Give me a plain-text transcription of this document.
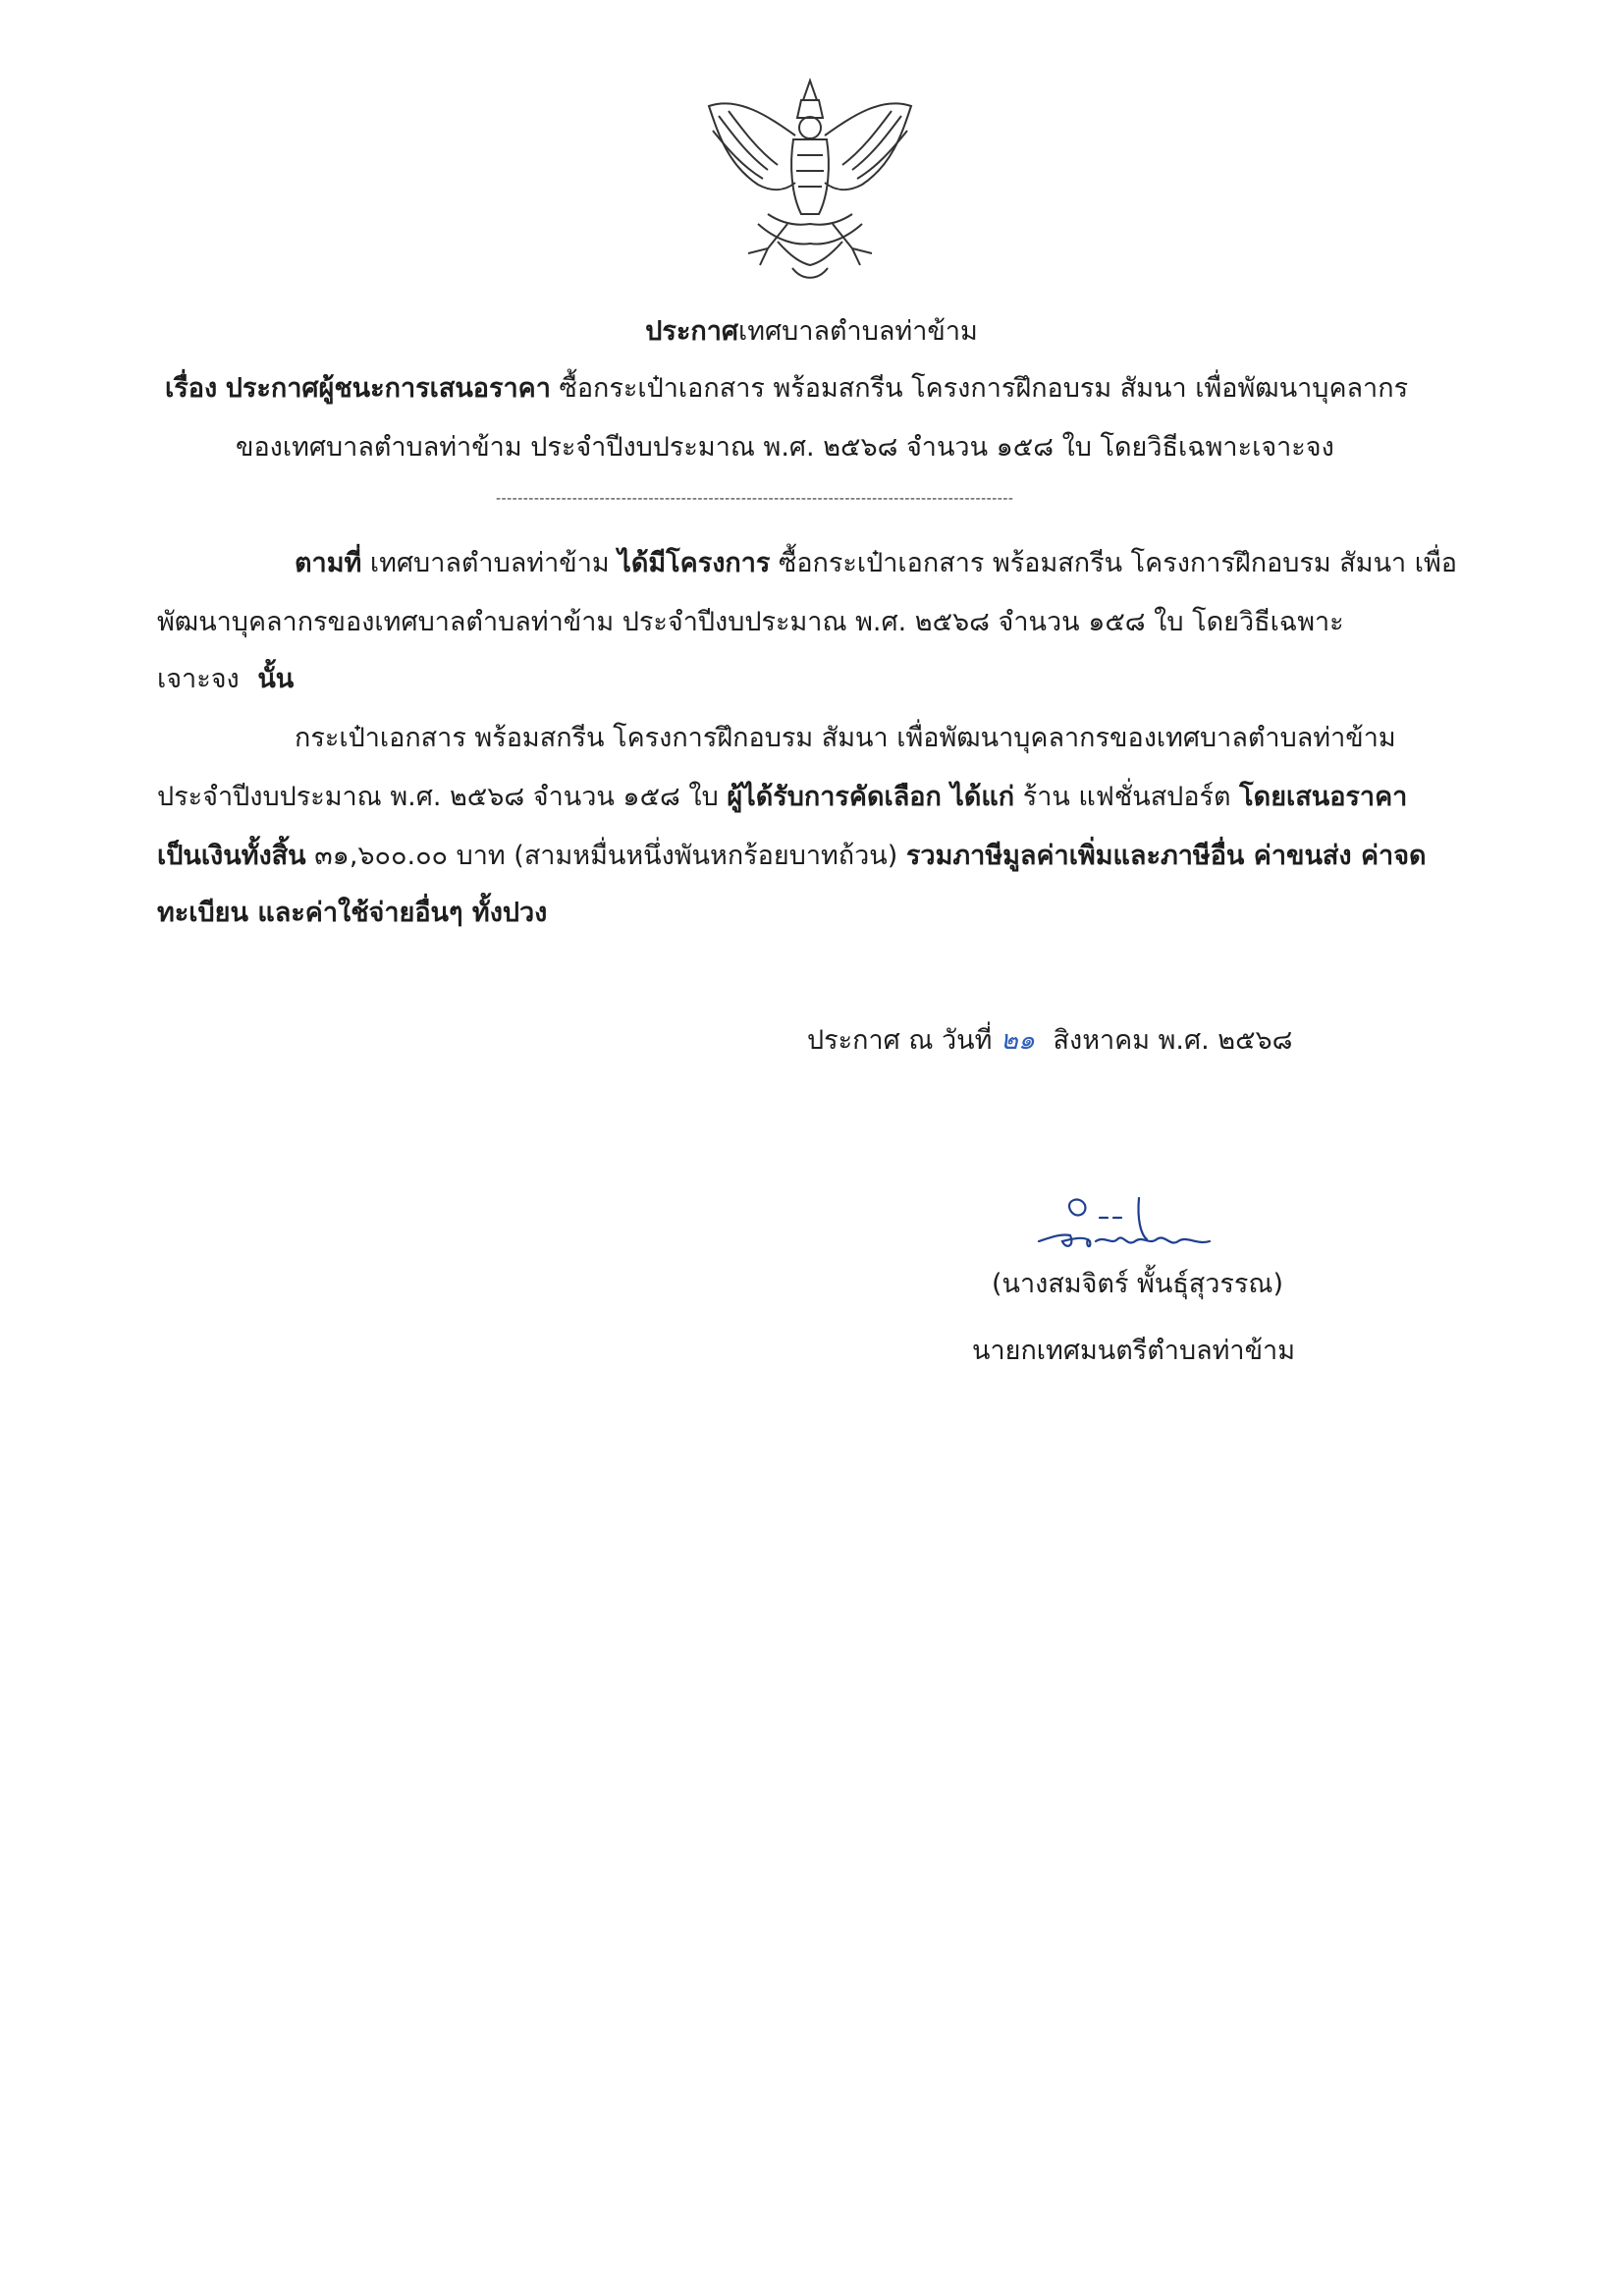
ประกาศเทศบาลตำบลท่าข้าม
เรื่อง ประกาศผู้ชนะการเสนอราคา ซื้อกระเป๋าเอกสาร พร้อมสกรีน โครงการฝึกอบรม สัมนา เพื่อพัฒนาบุคลากร
ของเทศบาลตำบลท่าข้าม ประจำปีงบประมาณ พ.ศ. ๒๕๖๘ จำนวน ๑๕๘ ใบ โดยวิธีเฉพาะเจาะจง
-----------------------------------------------------------------------------------------------
ตามที่ เทศบาลตำบลท่าข้าม ได้มีโครงการ ซื้อกระเป๋าเอกสาร พร้อมสกรีน โครงการฝึกอบรม สัมนา เพื่อ
พัฒนาบุคลากรของเทศบาลตำบลท่าข้าม ประจำปีงบประมาณ พ.ศ. ๒๕๖๘ จำนวน ๑๕๘ ใบ โดยวิธีเฉพาะ
เจาะจง นั้น
กระเป๋าเอกสาร พร้อมสกรีน โครงการฝึกอบรม สัมนา เพื่อพัฒนาบุคลากรของเทศบาลตำบลท่าข้าม
ประจำปีงบประมาณ พ.ศ. ๒๕๖๘ จำนวน ๑๕๘ ใบ ผู้ได้รับการคัดเลือก ได้แก่ ร้าน แฟชั่นสปอร์ต โดยเสนอราคา
เป็นเงินทั้งสิ้น ๓๑,๖๐๐.๐๐ บาท (สามหมื่นหนึ่งพันหกร้อยบาทถ้วน) รวมภาษีมูลค่าเพิ่มและภาษีอื่น ค่าขนส่ง ค่าจด
ทะเบียน และค่าใช้จ่ายอื่นๆ ทั้งปวง
ประกาศ ณ วันที่ ๒๑ สิงหาคม พ.ศ. ๒๕๖๘
(นางสมจิตร์ พั้นธุ์สุวรรณ)
นายกเทศมนตรีตำบลท่าข้าม
